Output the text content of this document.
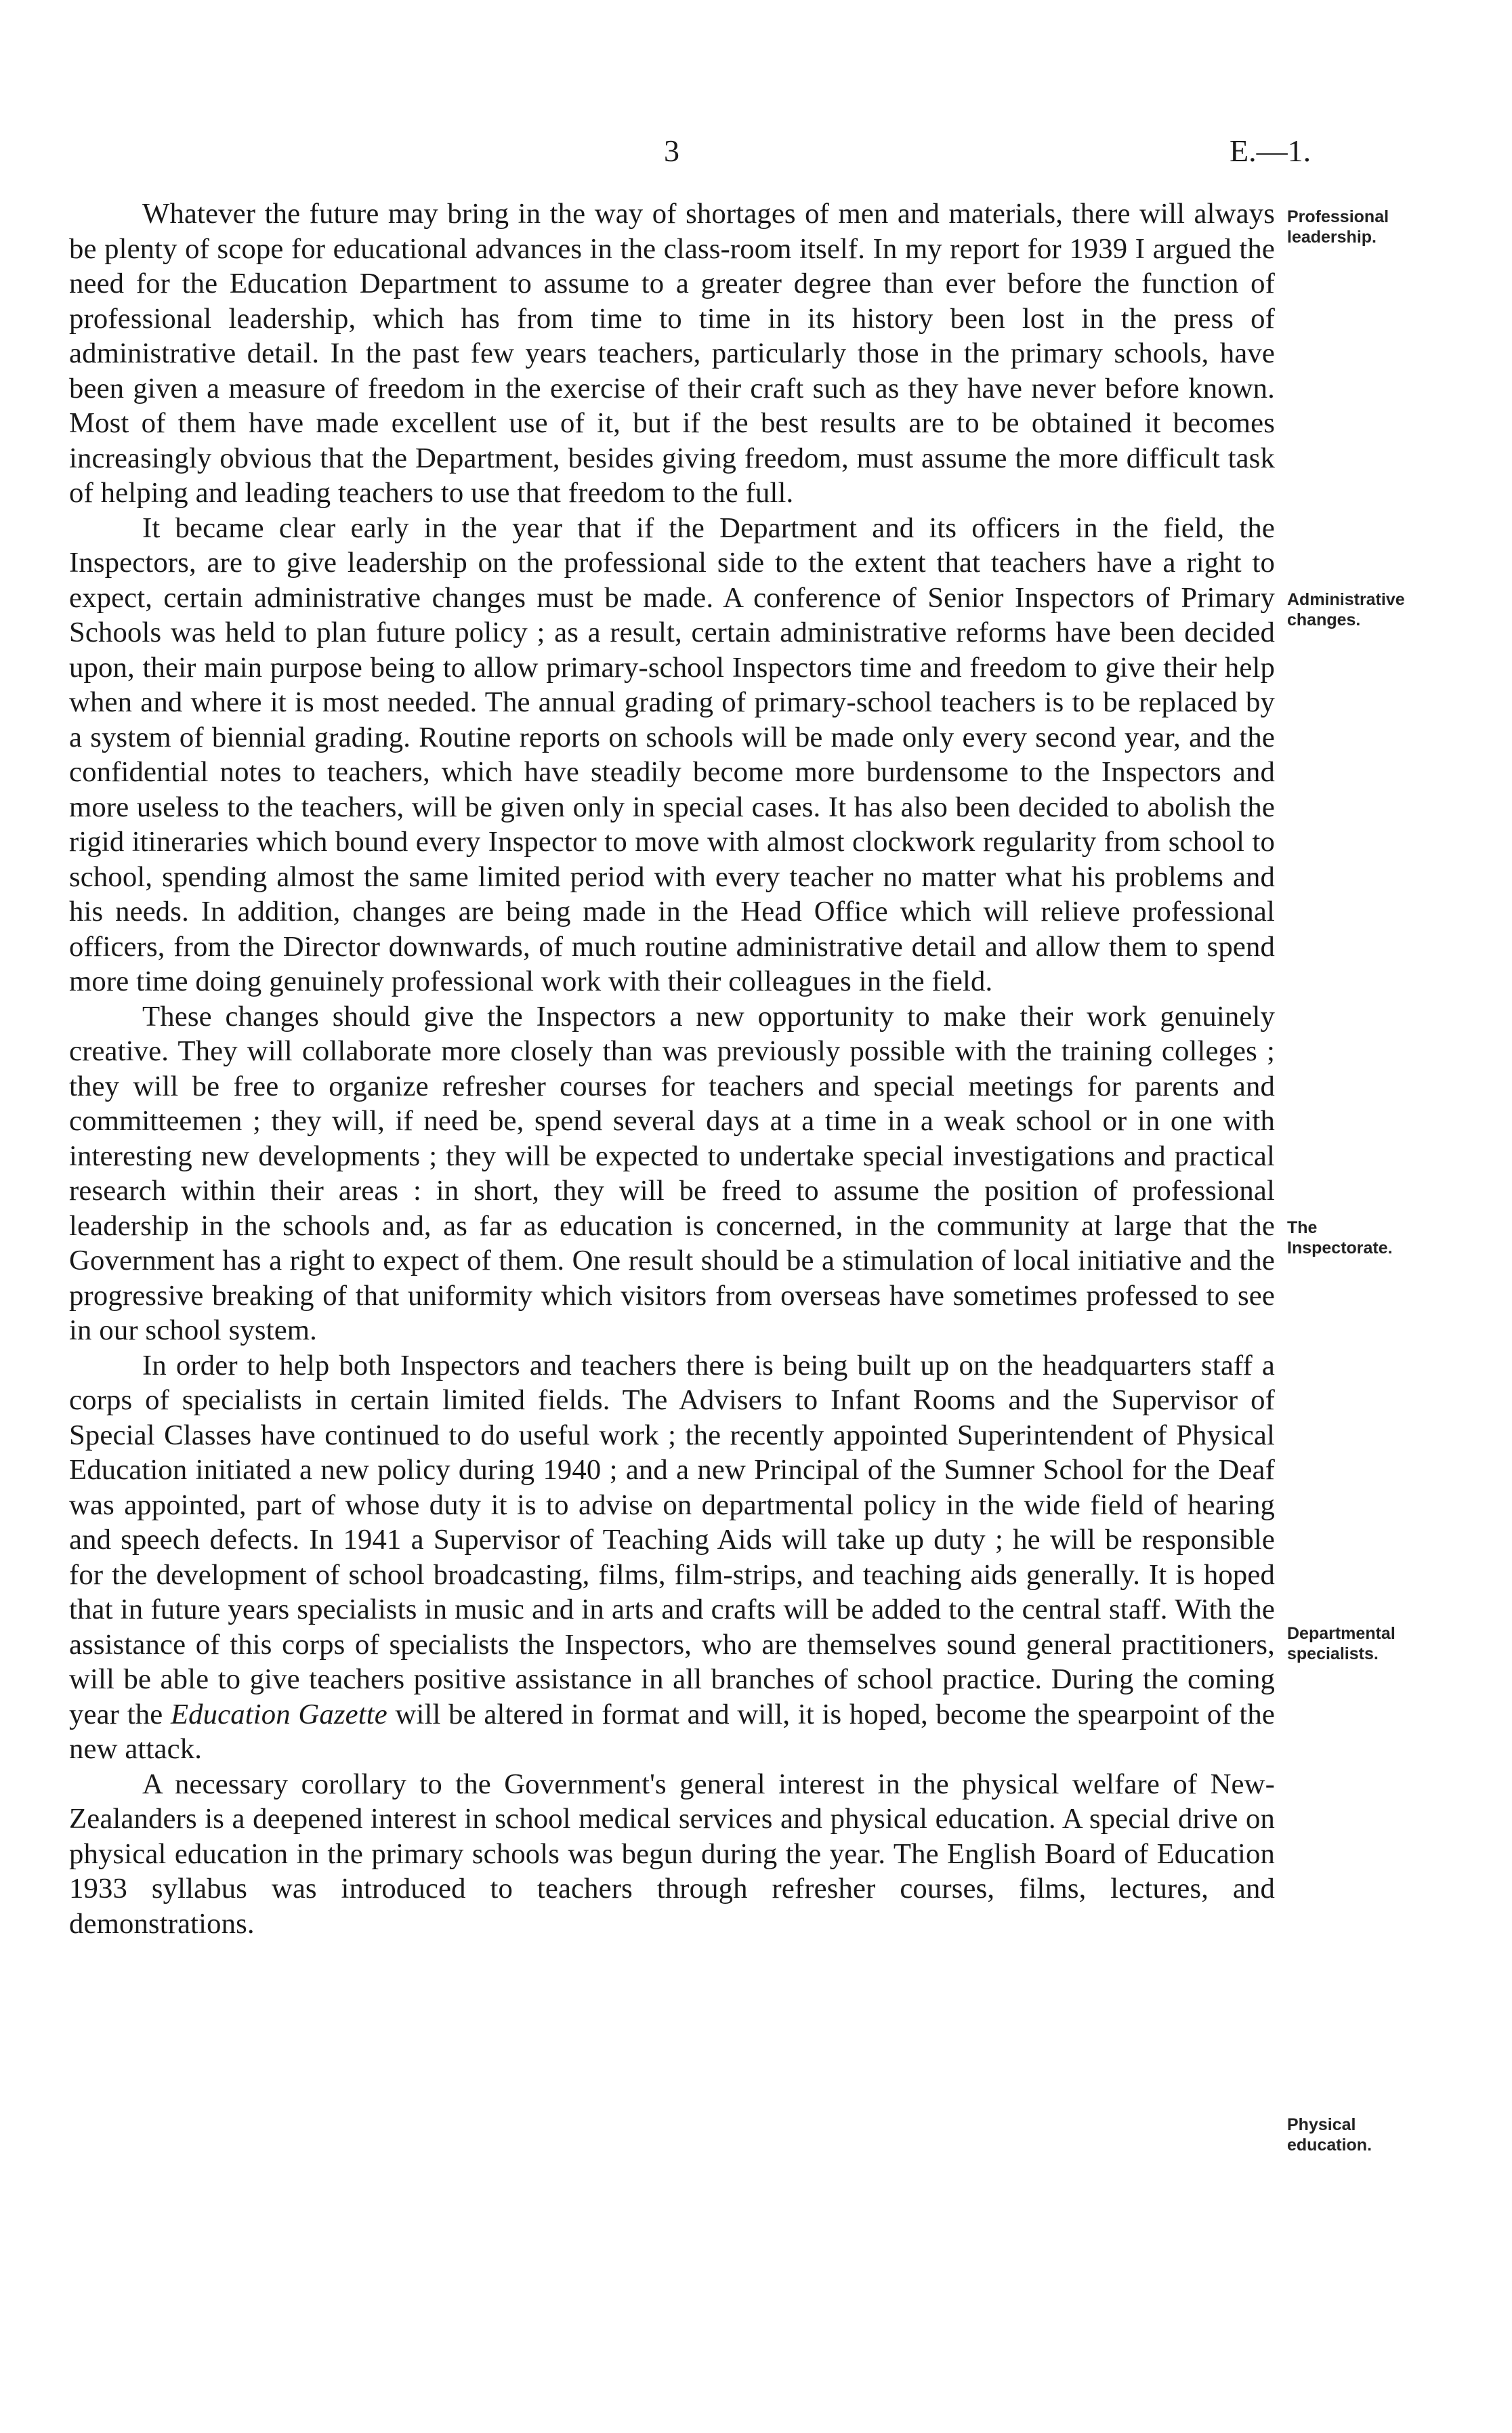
3	E.—1.
Professional leadership.
Administrative changes.
The Inspectorate.
Departmental specialists.
Physical education.

Whatever the future may bring in the way of shortages of men and materials, there will always be plenty of scope for educational advances in the class-room itself. In my report for 1939 I argued the need for the Education Department to assume to a greater degree than ever before the function of professional leadership, which has from time to time in its history been lost in the press of administrative detail. In the past few years teachers, particularly those in the primary schools, have been given a measure of freedom in the exercise of their craft such as they have never before known. Most of them have made excellent use of it, but if the best results are to be obtained it becomes increasingly obvious that the Department, besides giving freedom, must assume the more difficult task of helping and leading teachers to use that freedom to the full.

It became clear early in the year that if the Department and its officers in the field, the Inspectors, are to give leadership on the professional side to the extent that teachers have a right to expect, certain administrative changes must be made. A conference of Senior Inspectors of Primary Schools was held to plan future policy ; as a result, certain administrative reforms have been decided upon, their main purpose being to allow primary-school Inspectors time and freedom to give their help when and where it is most needed. The annual grading of primary-school teachers is to be replaced by a system of biennial grading. Routine reports on schools will be made only every second year, and the confidential notes to teachers, which have steadily become more burdensome to the Inspectors and more useless to the teachers, will be given only in special cases. It has also been decided to abolish the rigid itineraries which bound every Inspector to move with almost clockwork regularity from school to school, spending almost the same limited period with every teacher no matter what his problems and his needs. In addition, changes are being made in the Head Office which will relieve professional officers, from the Director downwards, of much routine administrative detail and allow them to spend more time doing genuinely professional work with their colleagues in the field.

These changes should give the Inspectors a new opportunity to make their work genuinely creative. They will collaborate more closely than was previously possible with the training colleges ; they will be free to organize refresher courses for teachers and special meetings for parents and committeemen ; they will, if need be, spend several days at a time in a weak school or in one with interesting new developments ; they will be expected to undertake special investigations and practical research within their areas : in short, they will be freed to assume the position of professional leadership in the schools and, as far as education is concerned, in the community at large that the Government has a right to expect of them. One result should be a stimulation of local initiative and the progressive breaking of that uniformity which visitors from overseas have sometimes professed to see in our school system.

In order to help both Inspectors and teachers there is being built up on the headquarters staff a corps of specialists in certain limited fields. The Advisers to Infant Rooms and the Supervisor of Special Classes have continued to do useful work ; the recently appointed Superintendent of Physical Education initiated a new policy during 1940 ; and a new Principal of the Sumner School for the Deaf was appointed, part of whose duty it is to advise on departmental policy in the wide field of hearing and speech defects. In 1941 a Supervisor of Teaching Aids will take up duty ; he will be responsible for the development of school broadcasting, films, film-strips, and teaching aids generally. It is hoped that in future years specialists in music and in arts and crafts will be added to the central staff. With the assistance of this corps of specialists the Inspectors, who are themselves sound general practitioners, will be able to give teachers positive assistance in all branches of school practice. During the coming year the Education Gazette will be altered in format and will, it is hoped, become the spearpoint of the new attack.

A necessary corollary to the Government's general interest in the physical welfare of New-Zealanders is a deepened interest in school medical services and physical education. A special drive on physical education in the primary schools was begun during the year. The English Board of Education 1933 syllabus was introduced to teachers through refresher courses, films, lectures, and demonstrations.
